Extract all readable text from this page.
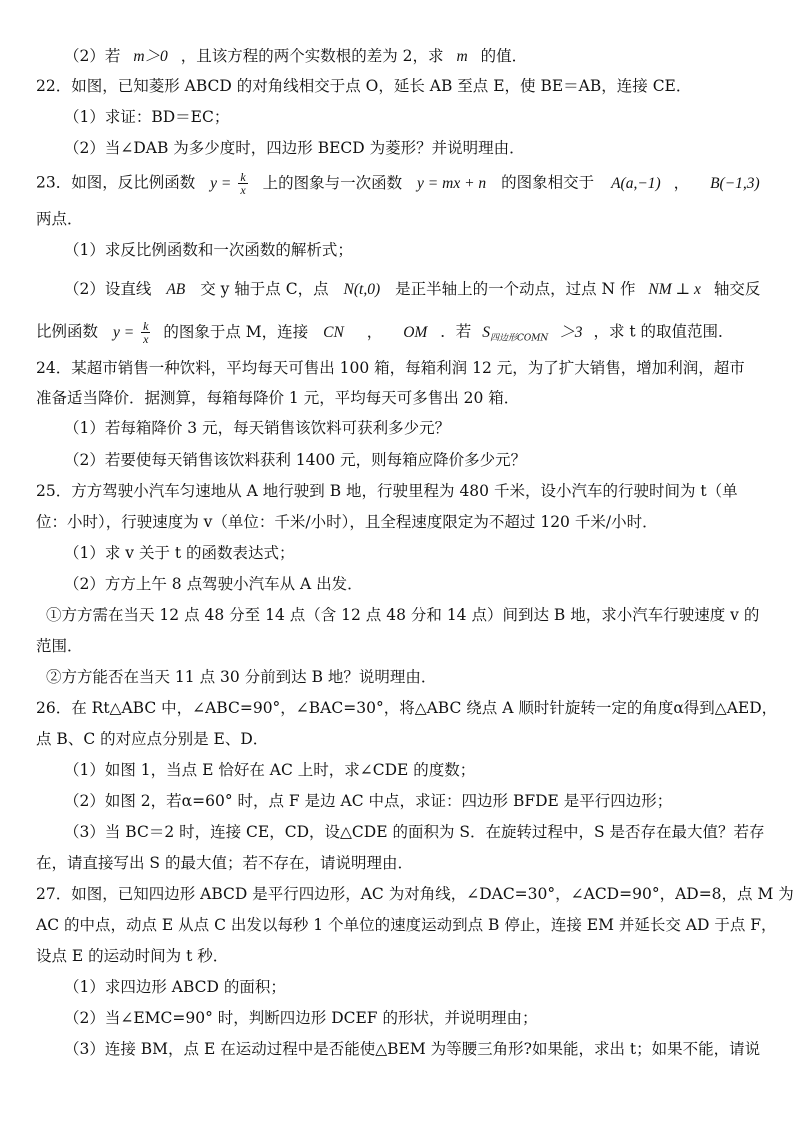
（2）若 m＞0 ，且该方程的两个实数根的差为 2，求 m 的值．
22．如图，已知菱形 ABCD 的对角线相交于点 O，延长 AB 至点 E，使 BE＝AB，连接 CE．
（1）求证：BD＝EC；
（2）当∠DAB 为多少度时，四边形 BECD 为菱形？并说明理由．
23．如图，反比例函数 $y = \frac{k}{x}$ 上的图象与一次函数 y = mx + n 的图象相交于 A(a,−1) ， B(−1,3)
两点．
（1）求反比例函数和一次函数的解析式；
（2）设直线 AB 交 y 轴于点 C，点 N(t,0) 是正半轴上的一个动点，过点 N 作 NM ⊥ x 轴交反
比例函数 $y = \frac{k}{x}$ 的图象于点 M，连接 CN ， OM ．若 $S_{四边形COMN} >3$ ，求 t 的取值范围．
24．某超市销售一种饮料，平均每天可售出 100 箱，每箱利润 12 元，为了扩大销售，增加利润，超市
准备适当降价．据测算，每箱每降价 1 元，平均每天可多售出 20 箱．
（1）若每箱降价 3 元，每天销售该饮料可获利多少元？
（2）若要使每天销售该饮料获利 1400 元，则每箱应降价多少元？
25．方方驾驶小汽车匀速地从 A 地行驶到 B 地，行驶里程为 480 千米，设小汽车的行驶时间为 t（单
位：小时），行驶速度为 v（单位：千米/小时），且全程速度限定为不超过 120 千米/小时．
（1）求 v 关于 t 的函数表达式；
（2）方方上午 8 点驾驶小汽车从 A 出发．
①方方需在当天 12 点 48 分至 14 点（含 12 点 48 分和 14 点）间到达 B 地，求小汽车行驶速度 v 的
范围．
②方方能否在当天 11 点 30 分前到达 B 地？说明理由．
26．在 Rt△ABC 中，∠ABC=90°，∠BAC=30°，将△ABC 绕点 A 顺时针旋转一定的角度α得到△AED，
点 B、C 的对应点分别是 E、D．
（1）如图 1，当点 E 恰好在 AC 上时，求∠CDE 的度数；
（2）如图 2，若α=60° 时，点 F 是边 AC 中点，求证：四边形 BFDE 是平行四边形；
（3）当 BC＝2 时，连接 CE，CD，设△CDE 的面积为 S．在旋转过程中，S 是否存在最大值？若存
在，请直接写出 S 的最大值；若不存在，请说明理由．
27．如图，已知四边形 ABCD 是平行四边形，AC 为对角线，∠DAC=30°，∠ACD=90°，AD=8，点 M 为
AC 的中点，动点 E 从点 C 出发以每秒 1 个单位的速度运动到点 B 停止，连接 EM 并延长交 AD 于点 F，
设点 E 的运动时间为 t 秒．
（1）求四边形 ABCD 的面积；
（2）当∠EMC=90° 时，判断四边形 DCEF 的形状，并说明理由；
（3）连接 BM，点 E 在运动过程中是否能使△BEM 为等腰三角形?如果能，求出 t；如果不能，请说
